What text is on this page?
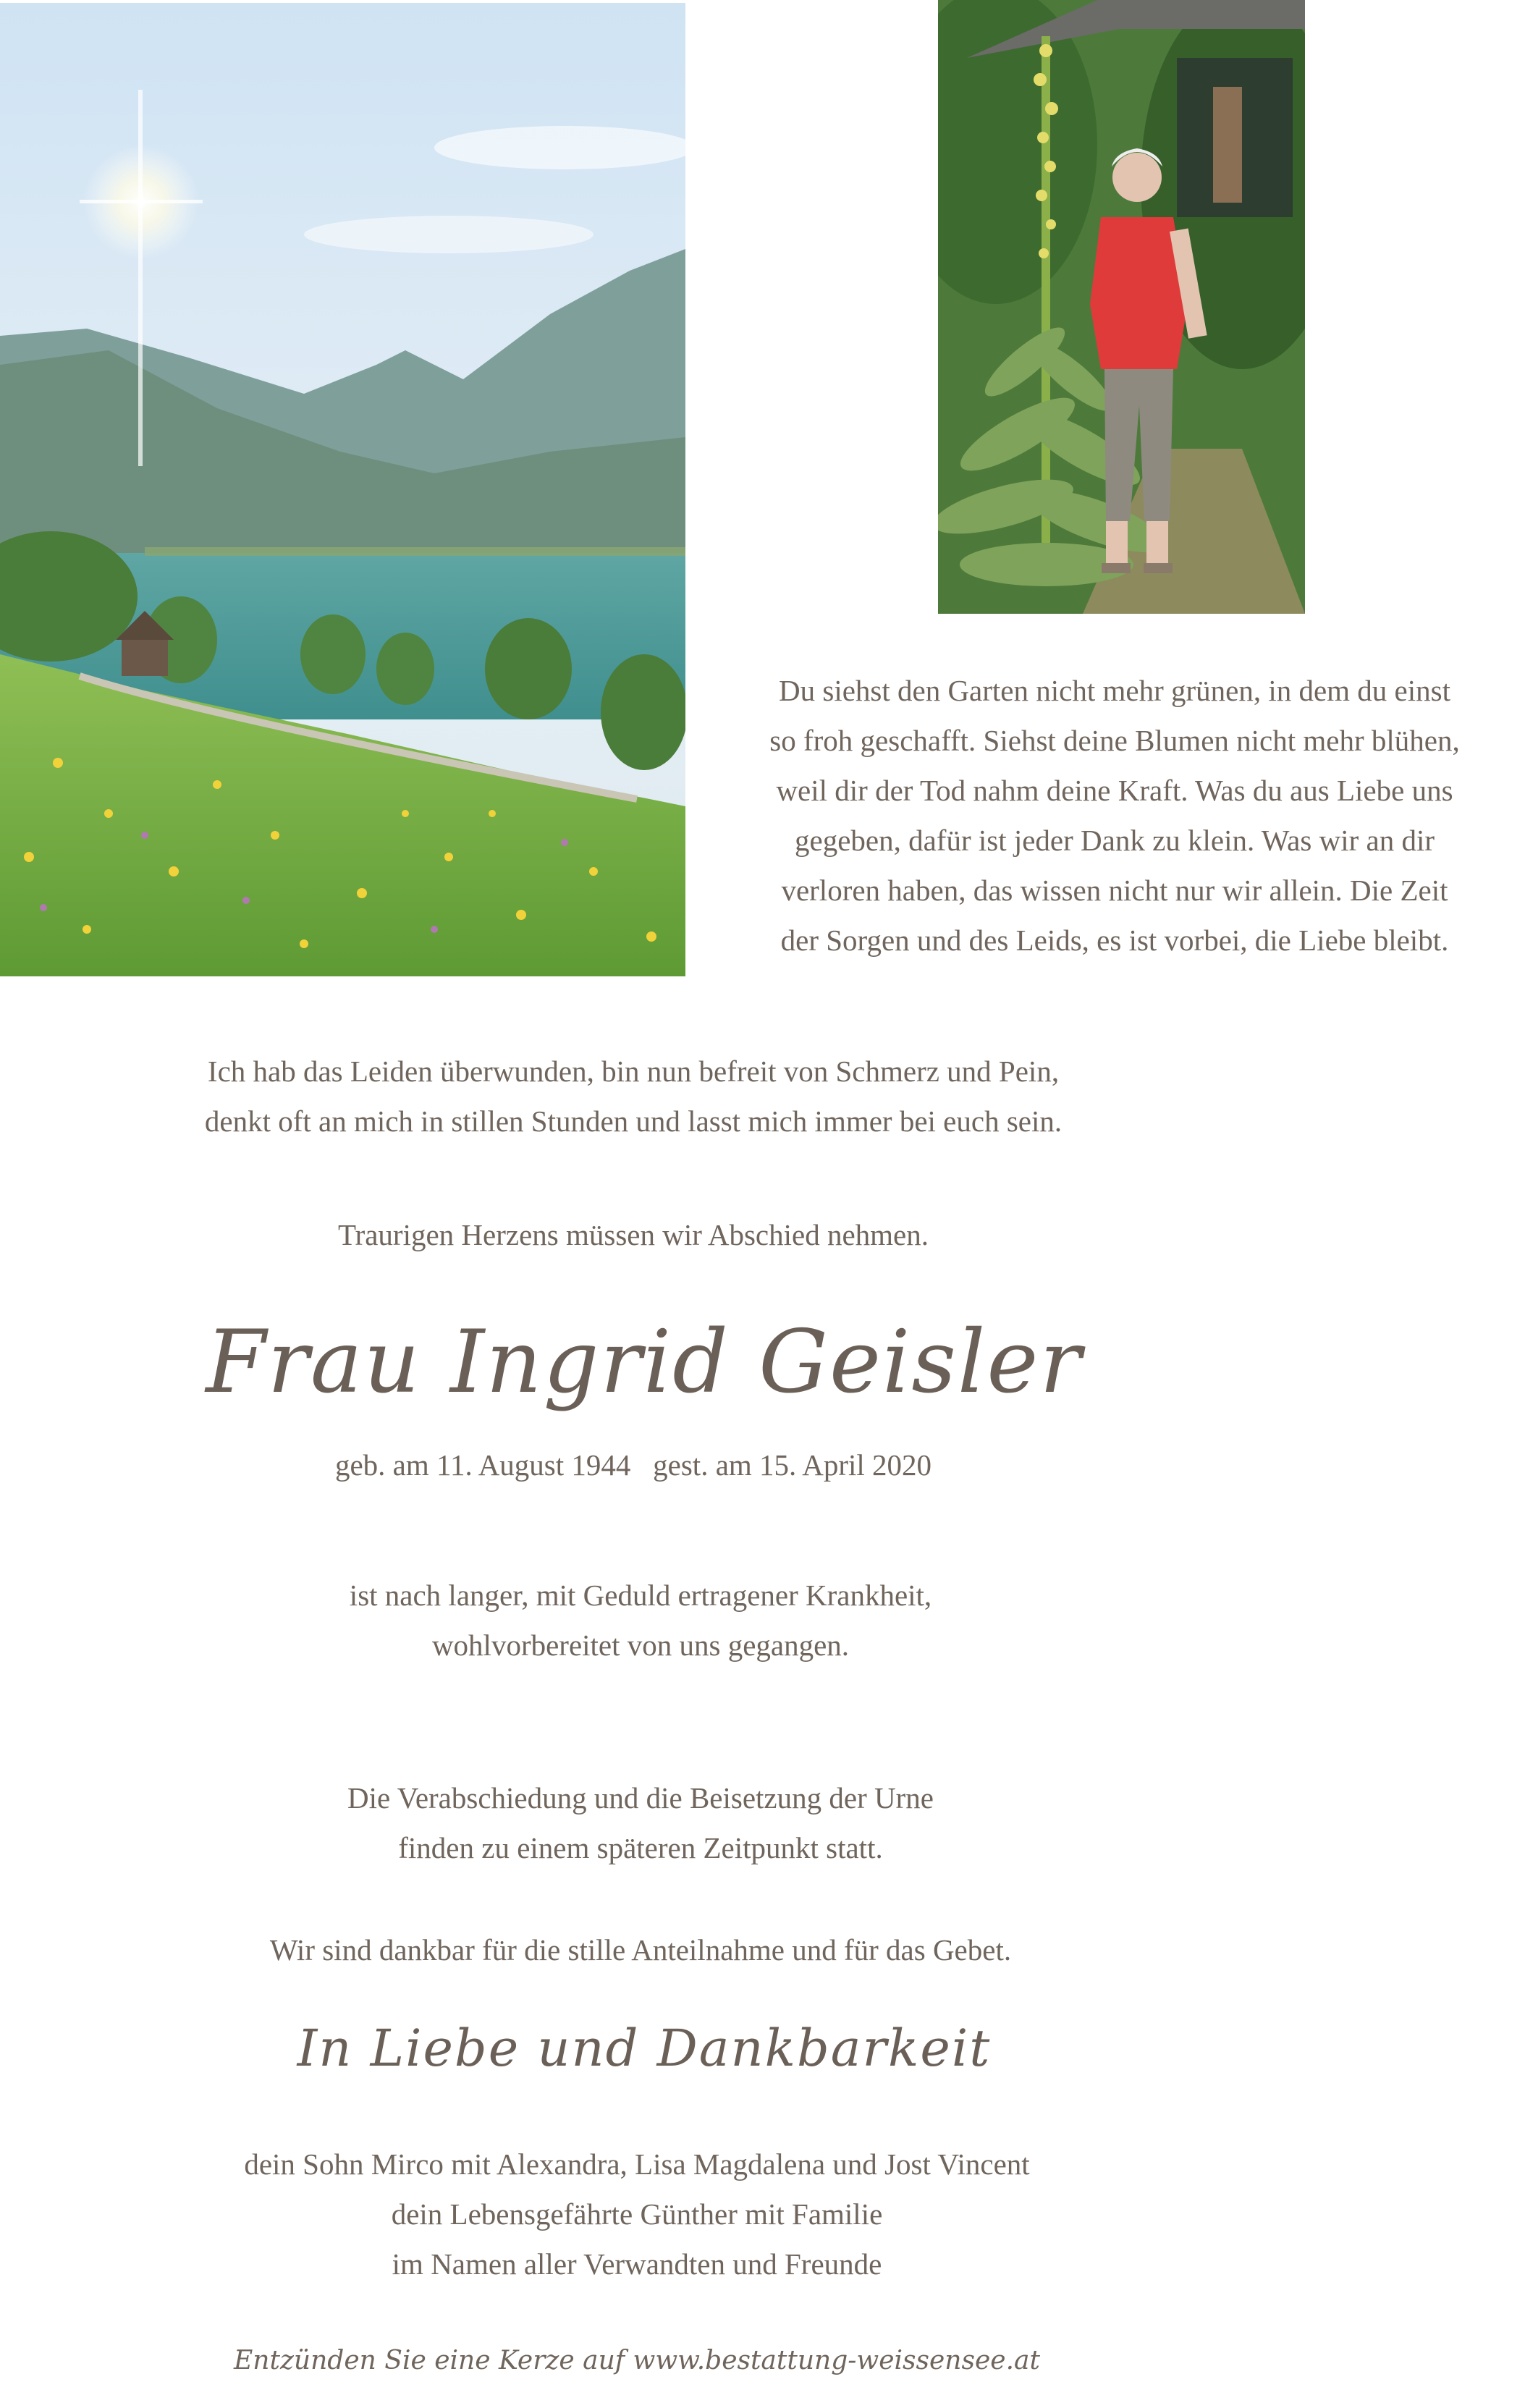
Du siehst den Garten nicht mehr grünen, in dem du einst
so froh geschafft. Siehst deine Blumen nicht mehr blühen,
weil dir der Tod nahm deine Kraft. Was du aus Liebe uns
gegeben, dafür ist jeder Dank zu klein. Was wir an dir
verloren haben, das wissen nicht nur wir allein. Die Zeit
der Sorgen und des Leids, es ist vorbei, die Liebe bleibt.
Ich hab das Leiden überwunden, bin nun befreit von Schmerz und Pein,
denkt oft an mich in stillen Stunden und lasst mich immer bei euch sein.
Traurigen Herzens müssen wir Abschied nehmen.
Frau Ingrid Geisler
geb. am 11. August 1944   gest. am 15. April 2020
ist nach langer, mit Geduld ertragener Krankheit,
wohlvorbereitet von uns gegangen.
Die Verabschiedung und die Beisetzung der Urne
finden zu einem späteren Zeitpunkt statt.
Wir sind dankbar für die stille Anteilnahme und für das Gebet.
In Liebe und Dankbarkeit
dein Sohn Mirco mit Alexandra, Lisa Magdalena und Jost Vincent
dein Lebensgefährte Günther mit Familie
im Namen aller Verwandten und Freunde
Entzünden Sie eine Kerze auf www.bestattung-weissensee.at
